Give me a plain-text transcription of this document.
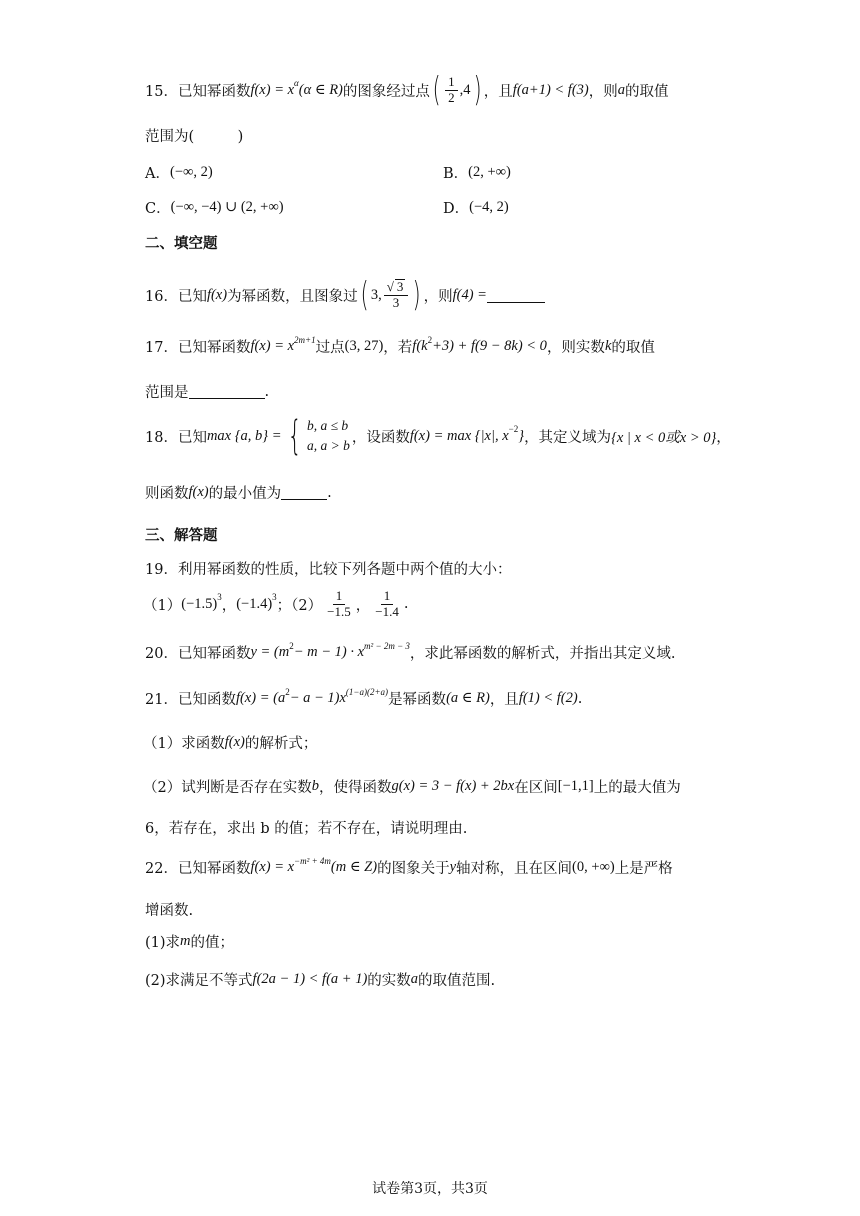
15． 已知幂函数 f(x) = x α (α ∈ R) 的图象经过点 ( $\frac{1}{2} ,4$ ) ，且 f(a+1) < f(3) ，则 a 的取值
范围为(　　　)
A． (−∞, 2)	B． (2, +∞)
C． (−∞, −4) ∪ (2, +∞)	D． (−4, 2)
二、填空题
16． 已知 f(x) 为幂函数，且图象过 ( 3, $\frac{√ 3}{3}$ ) ，则 f(4) =
17． 已知幂函数 f(x) = x 2m+1
过点 (3, 27) ，若 f(k 2 +3) + f(9 − 8k) < 0 ，则实数 k 的取值
范围是	.
18． 已知 max {a, b} = { b, a ≤ b
a, a > b ，设函数 f(x) = max {|x|, x −2 } ，其定义域为 {x | x < 0或x > 0} ，
则函数 f(x) 的最小值为	.
三、解答题
19． 利用幂函数的性质，比较下列各题中两个值的大小：
（1） (−1.5) 3
， (−1.4) 3
；$(2) \frac{1}{-1.5}$ ， $\frac{1}{-1.4}$ .
20． 已知幂函数 y = (m 2 − m − 1) · x m² − 2m − 3
，求此幂函数的解析式，并指出其定义域.
21． 已知函数 f(x) = (a 2 − a − 1)x (1−a)(2+a)
是幂函数 (a ∈ R) ，且 f(1) < f(2) .
（1）求函数 f(x) 的解析式；
（2）试判断是否存在实数 b ，使得函数 g(x) = 3 − f(x) + 2bx 在区间 [−1,1] 上的最大值为
6，若存在，求出 b 的值；若不存在，请说明理由.
22． 已知幂函数 f(x) = x −m² + 4m (m ∈ Z) 的图象关于 y 轴对称，且在区间 (0, +∞) 上是严格
增函数.
(1)求 m 的值；
(2)求满足不等式 f(2a − 1) < f(a + 1) 的实数 a 的取值范围.
试卷第3页，共3页
